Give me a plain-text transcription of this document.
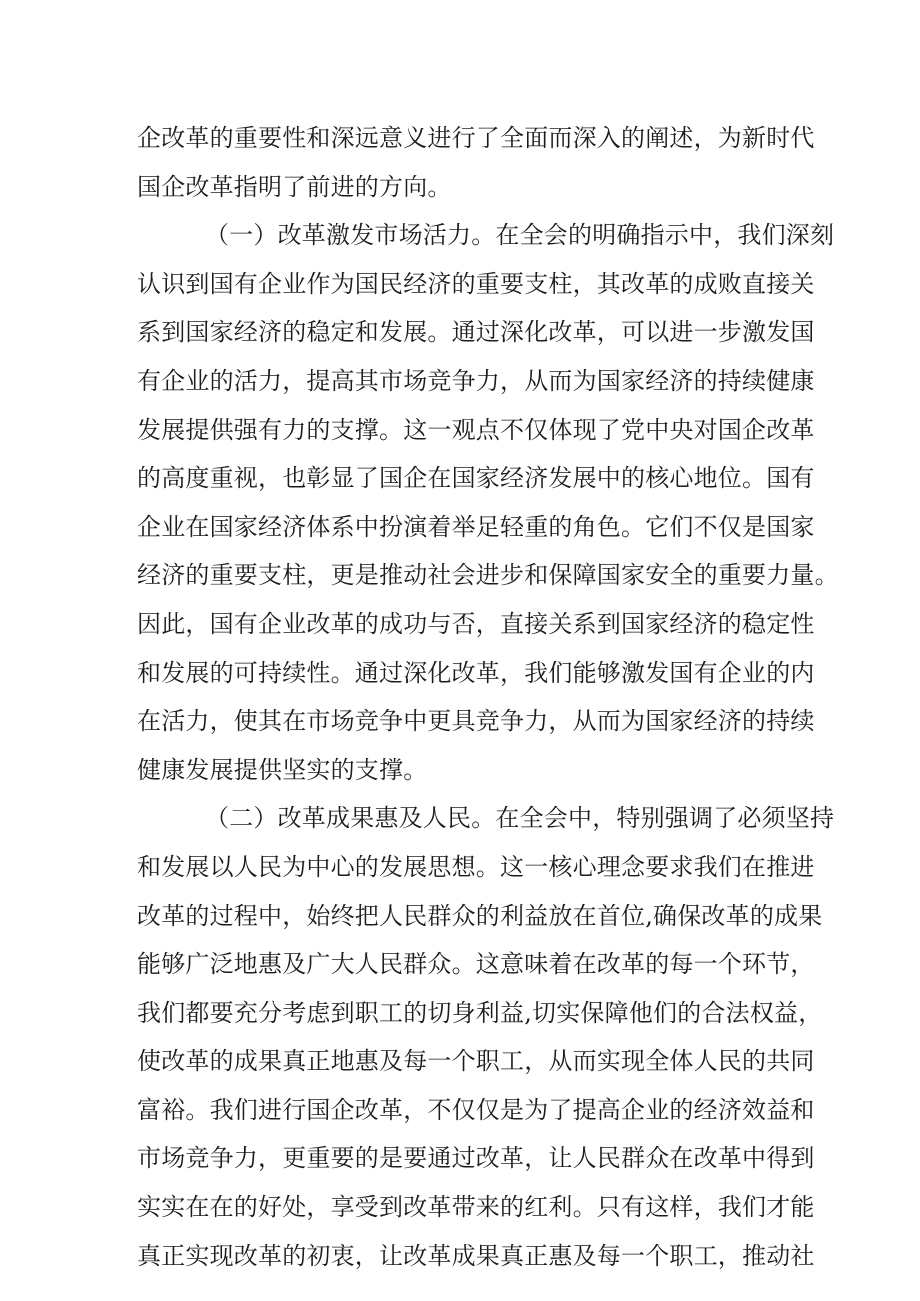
企改革的重要性和深远意义进行了全面而深入的阐述，为新时代
国企改革指明了前进的方向。
（一）改革激发市场活力。在全会的明确指示中，我们深刻
认识到国有企业作为国民经济的重要支柱，其改革的成败直接关
系到国家经济的稳定和发展。通过深化改革，可以进一步激发国
有企业的活力，提高其市场竞争力，从而为国家经济的持续健康
发展提供强有力的支撑。这一观点不仅体现了党中央对国企改革
的高度重视，也彰显了国企在国家经济发展中的核心地位。国有
企业在国家经济体系中扮演着举足轻重的角色。它们不仅是国家
经济的重要支柱，更是推动社会进步和保障国家安全的重要力量。
因此，国有企业改革的成功与否，直接关系到国家经济的稳定性
和发展的可持续性。通过深化改革，我们能够激发国有企业的内
在活力，使其在市场竞争中更具竞争力，从而为国家经济的持续
健康发展提供坚实的支撑。
（二）改革成果惠及人民。在全会中，特别强调了必须坚持
和发展以人民为中心的发展思想。这一核心理念要求我们在推进
改革的过程中，始终把人民群众的利益放在首位,确保改革的成果
能够广泛地惠及广大人民群众。这意味着在改革的每一个环节，
我们都要充分考虑到职工的切身利益,切实保障他们的合法权益，
使改革的成果真正地惠及每一个职工，从而实现全体人民的共同
富裕。我们进行国企改革，不仅仅是为了提高企业的经济效益和
市场竞争力，更重要的是要通过改革，让人民群众在改革中得到
实实在在的好处，享受到改革带来的红利。只有这样，我们才能
真正实现改革的初衷，让改革成果真正惠及每一个职工，推动社
